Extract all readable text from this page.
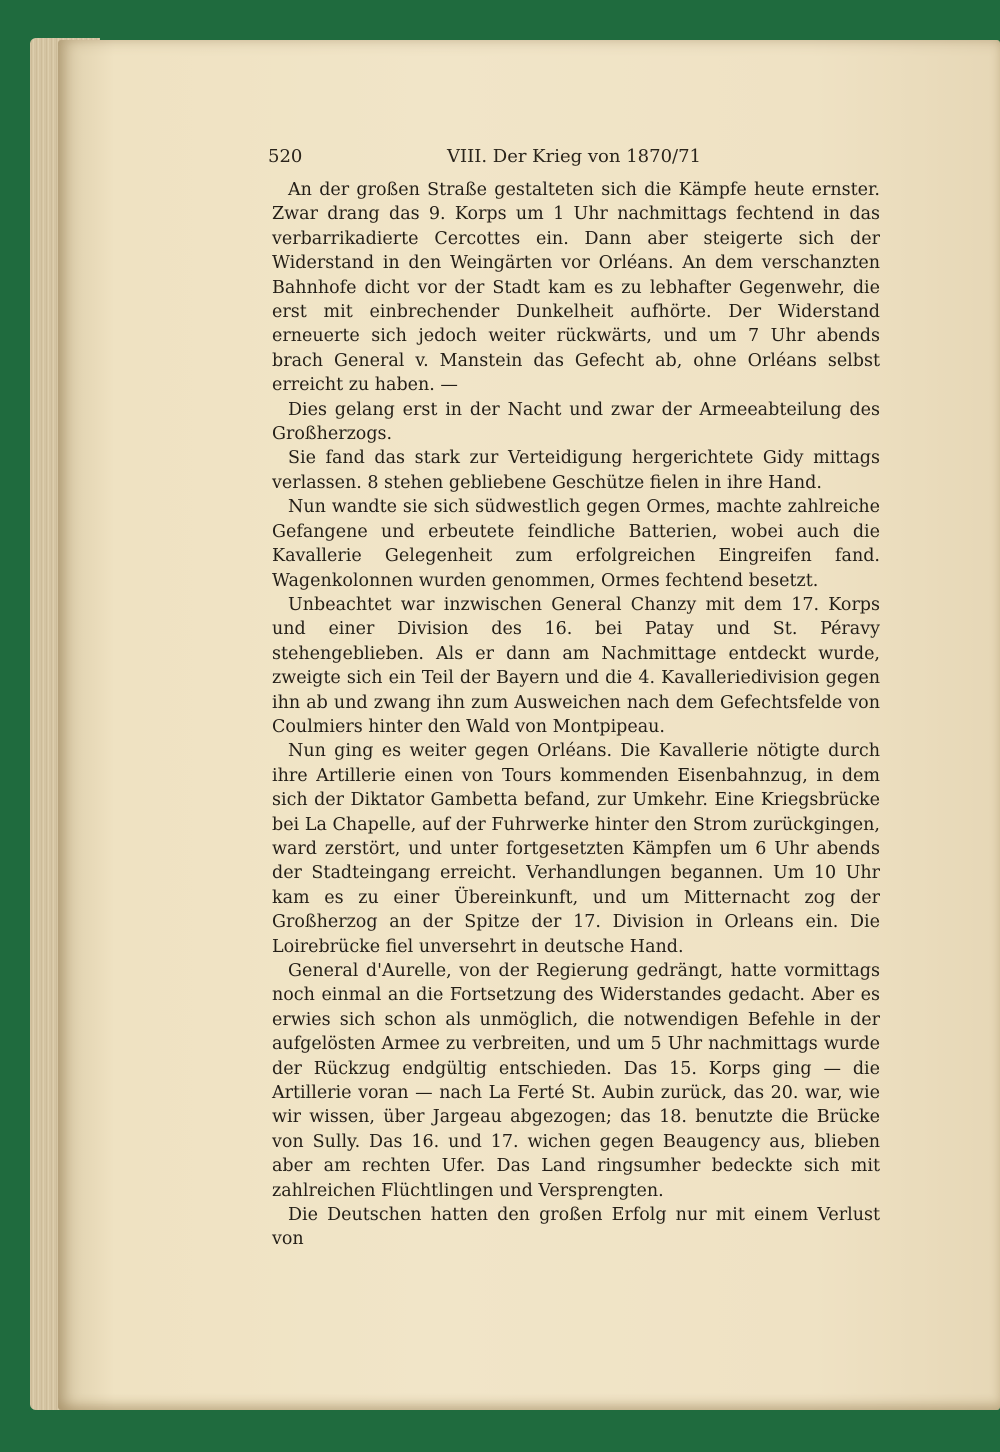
520	VIII. Der Krieg von 1870/71

An der großen Straße gestalteten sich die Kämpfe heute ernster. Zwar drang das 9. Korps um 1 Uhr nachmittags fechtend in das verbarrikadierte Cercottes ein. Dann aber steigerte sich der Widerstand in den Weingärten vor Orléans. An dem verschanzten Bahnhofe dicht vor der Stadt kam es zu lebhafter Gegenwehr, die erst mit einbrechender Dunkelheit aufhörte. Der Widerstand erneuerte sich jedoch weiter rückwärts, und um 7 Uhr abends brach General v. Manstein das Gefecht ab, ohne Orléans selbst erreicht zu haben. —

Dies gelang erst in der Nacht und zwar der Armeeabteilung des Großherzogs.

Sie fand das stark zur Verteidigung hergerichtete Gidy mittags verlassen. 8 stehen gebliebene Geschütze fielen in ihre Hand.

Nun wandte sie sich südwestlich gegen Ormes, machte zahlreiche Gefangene und erbeutete feindliche Batterien, wobei auch die Kavallerie Gelegenheit zum erfolgreichen Eingreifen fand. Wagenkolonnen wurden genommen, Ormes fechtend besetzt.

Unbeachtet war inzwischen General Chanzy mit dem 17. Korps und einer Division des 16. bei Patay und St. Péravy stehengeblieben. Als er dann am Nachmittage entdeckt wurde, zweigte sich ein Teil der Bayern und die 4. Kavalleriedivision gegen ihn ab und zwang ihn zum Ausweichen nach dem Gefechtsfelde von Coulmiers hinter den Wald von Montpipeau.

Nun ging es weiter gegen Orléans. Die Kavallerie nötigte durch ihre Artillerie einen von Tours kommenden Eisenbahnzug, in dem sich der Diktator Gambetta befand, zur Umkehr. Eine Kriegsbrücke bei La Chapelle, auf der Fuhrwerke hinter den Strom zurückgingen, ward zerstört, und unter fortgesetzten Kämpfen um 6 Uhr abends der Stadteingang erreicht. Verhandlungen begannen. Um 10 Uhr kam es zu einer Übereinkunft, und um Mitternacht zog der Großherzog an der Spitze der 17. Division in Orleans ein. Die Loirebrücke fiel unversehrt in deutsche Hand.

General d'Aurelle, von der Regierung gedrängt, hatte vormittags noch einmal an die Fortsetzung des Widerstandes gedacht. Aber es erwies sich schon als unmöglich, die notwendigen Befehle in der aufgelösten Armee zu verbreiten, und um 5 Uhr nachmittags wurde der Rückzug endgültig entschieden. Das 15. Korps ging — die Artillerie voran — nach La Ferté St. Aubin zurück, das 20. war, wie wir wissen, über Jargeau abgezogen; das 18. benutzte die Brücke von Sully. Das 16. und 17. wichen gegen Beaugency aus, blieben aber am rechten Ufer. Das Land ringsumher bedeckte sich mit zahlreichen Flüchtlingen und Versprengten.

Die Deutschen hatten den großen Erfolg nur mit einem Verlust von
